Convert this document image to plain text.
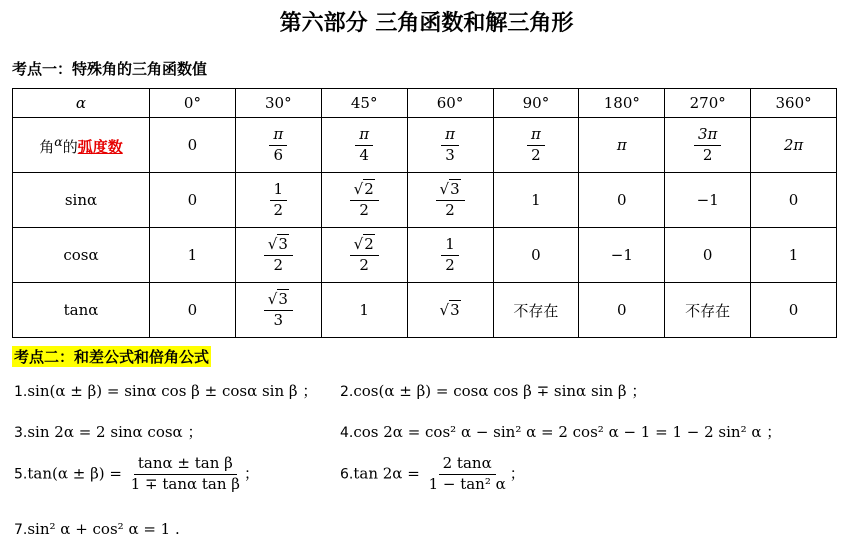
第六部分 三角函数和解三角形
考点一：特殊角的三角函数值
α	0°	30°	45°	60°	90°	180°	270°	360°
角$^\alpha$的弧度数	0	$\frac{\pi}{6}$	$\frac{\pi}{4}$	$\frac{\pi}{3}$	$\frac{\pi}{2}$	π	$\frac{3\pi}{2}$	2π
sinα	0	$\frac{1}{2}$	$\frac{√2}{2}$	$\frac{√3}{2}$	1	0	−1	0
cosα	1	$\frac{√3}{2}$	$\frac{√2}{2}$	$\frac{1}{2}$	0	−1	0	1
tanα	0	$\frac{√3}{3}$	1	√3	不存在	0	不存在	0
考点二：和差公式和倍角公式
1.sin(α ± β) = sinα cos β ± cosα sin β ； 2.cos(α ± β) = cosα cos β ∓ sinα sin β ；
3.sin 2α = 2 sinα cosα ；	4.cos 2α = cos² α − sin² α = 2 cos² α − 1 = 1 − 2 sin² α ；
$5.\tan(\alpha \pm \beta) = \frac{\text{tanα ± tan β}}{\text{1 ∓ tanα tan β}}$ ；	6.tan $2\alpha = \frac{2 \tan\alpha}{\text{1 − tan² α}}$ ；
7.sin² α + cos² α = 1 .
